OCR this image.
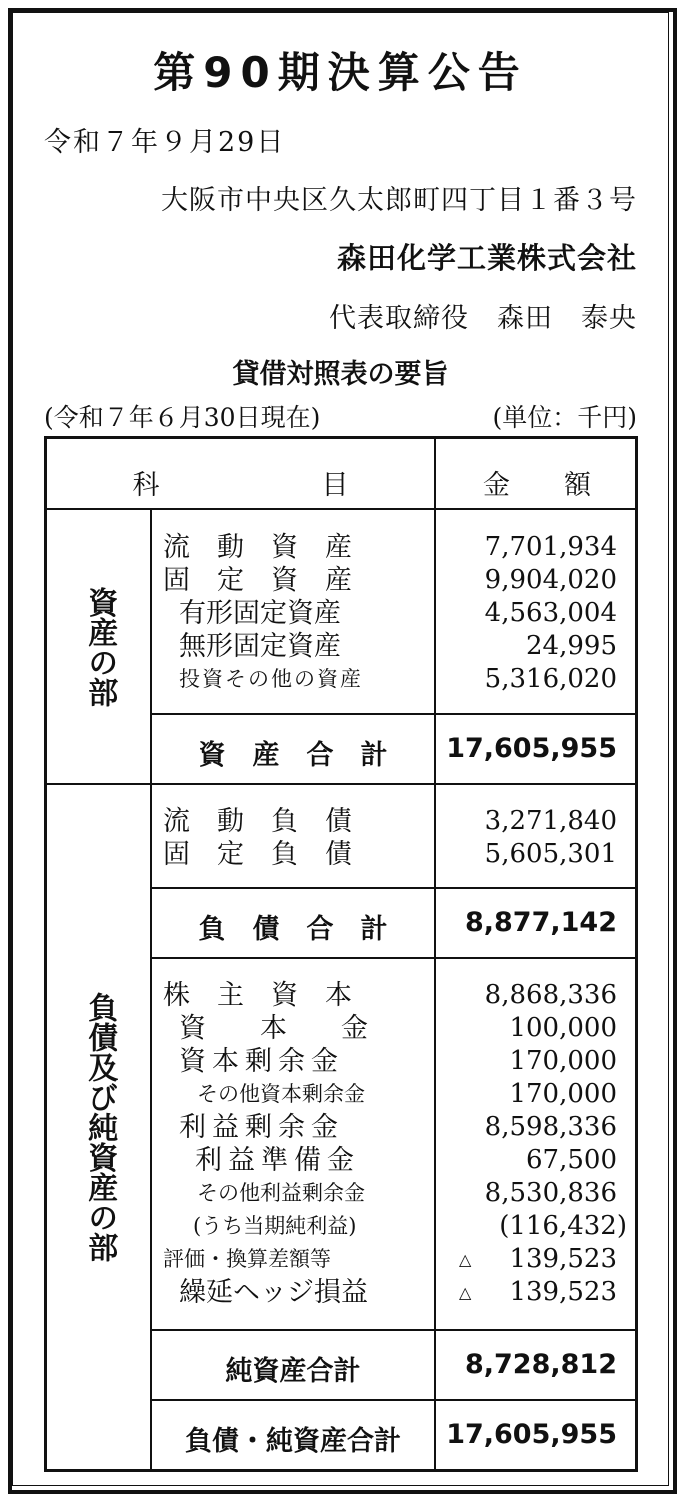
第90期決算公告
令和７年９月29日
大阪市中央区久太郎町四丁目１番３号
森田化学工業株式会社
代表取締役　森田　泰央
貸借対照表の要旨
(令和７年６月30日現在)	(単位：千円)
科　　　　　　目	金　　額
資産の部
負債及び純資産の部
流　動　資　産	7,701,934
固　定　資　産	9,904,020
有形固定資産	4,563,004
無形固定資産	24,995
投資その他の資産	5,316,020
資　産　合　計	17,605,955
流　動　負　債	3,271,840
固　定　負　債	5,605,301
負　債　合　計	8,877,142
株　主　資　本	8,868,336
資　　本　　金	100,000
資本剰余金	170,000
その他資本剰余金	170,000
利益剰余金	8,598,336
利益準備金	67,500
その他利益剰余金	8,530,836
(うち当期純利益)	(116,432)
評価・換算差額等	△ 139,523
繰延ヘッジ損益	△ 139,523
純資産合計	8,728,812
負債・純資産合計	17,605,955
